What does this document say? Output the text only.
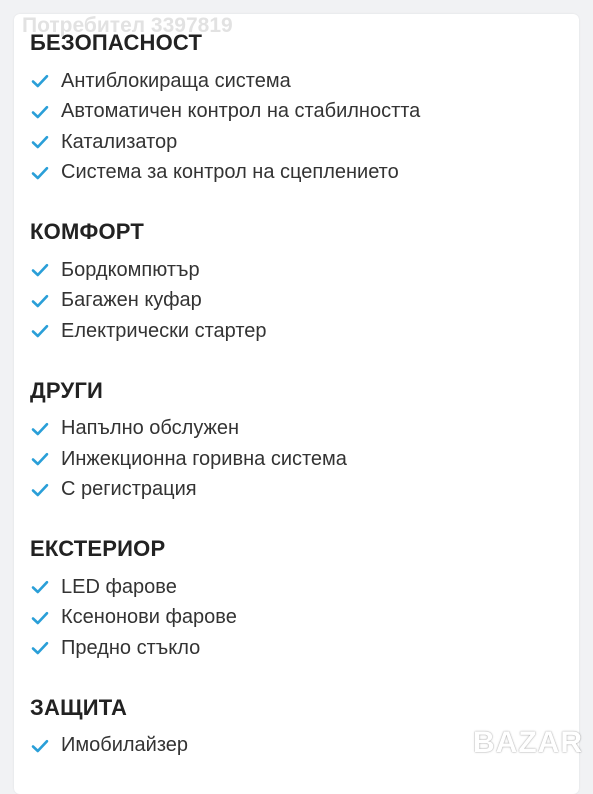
Потребител 3397819
БЕЗОПАСНОСТ
Антиблокираща система
Автоматичен контрол на стабилността
Катализатор
Система за контрол на сцеплението
КОМФОРТ
Бордкомпютър
Багажен куфар
Електрически стартер
ДРУГИ
Напълно обслужен
Инжекционна горивна система
С регистрация
ЕКСТЕРИОР
LED фарове
Ксенонови фарове
Предно стъкло
ЗАЩИТА
Имобилайзер	BAZAR
